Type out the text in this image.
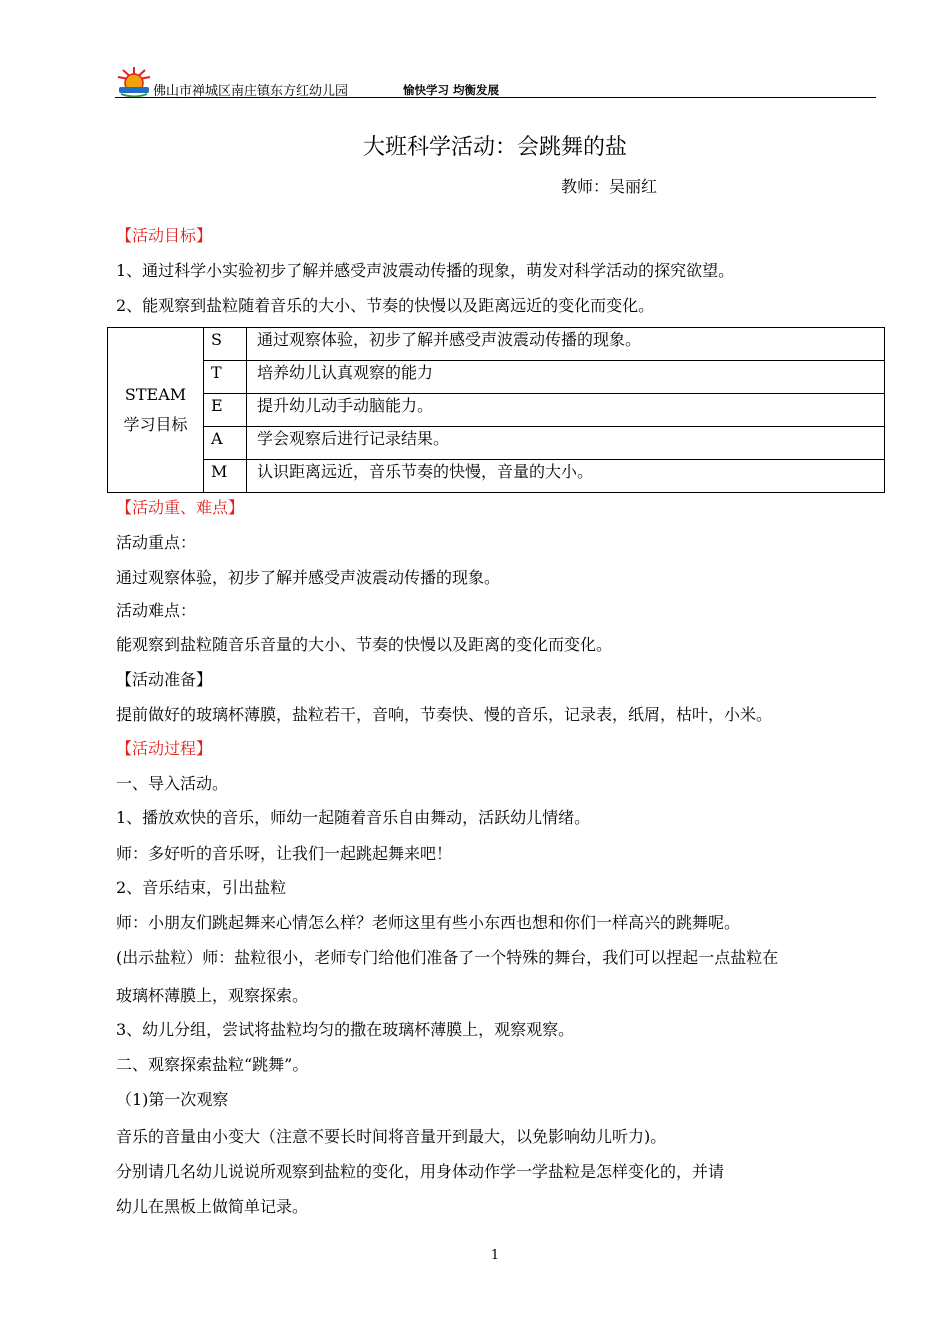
佛山市禅城区南庄镇东方红幼儿园	愉快学习 均衡发展
大班科学活动：会跳舞的盐
教师：吴丽红
【活动目标】
1、通过科学小实验初步了解并感受声波震动传播的现象，萌发对科学活动的探究欲望。
2、能观察到盐粒随着音乐的大小、节奏的快慢以及距离远近的变化而变化。
STEAM
学习目标	S	通过观察体验，初步了解并感受声波震动传播的现象。
	T	培养幼儿认真观察的能力
	E	提升幼儿动手动脑能力。
	A	学会观察后进行记录结果。
	M	认识距离远近，音乐节奏的快慢，音量的大小。
【活动重、难点】
活动重点：
通过观察体验，初步了解并感受声波震动传播的现象。
活动难点：
能观察到盐粒随音乐音量的大小、节奏的快慢以及距离的变化而变化。
【活动准备】
提前做好的玻璃杯薄膜，盐粒若干，音响，节奏快、慢的音乐，记录表，纸屑，枯叶，小米。
【活动过程】
一、导入活动。
1、播放欢快的音乐，师幼一起随着音乐自由舞动，活跃幼儿情绪。
师：多好听的音乐呀，让我们一起跳起舞来吧！
2、音乐结束，引出盐粒
师：小朋友们跳起舞来心情怎么样？老师这里有些小东西也想和你们一样高兴的跳舞呢。
(出示盐粒）师：盐粒很小，老师专门给他们准备了一个特殊的舞台，我们可以捏起一点盐粒在
玻璃杯薄膜上，观察探索。
3、幼儿分组，尝试将盐粒均匀的撒在玻璃杯薄膜上，观察观察。
二、观察探索盐粒“跳舞”。
（1)第一次观察
音乐的音量由小变大（注意不要长时间将音量开到最大，以免影响幼儿听力)。
分别请几名幼儿说说所观察到盐粒的变化，用身体动作学一学盐粒是怎样变化的，并请
幼儿在黑板上做简单记录。
1
